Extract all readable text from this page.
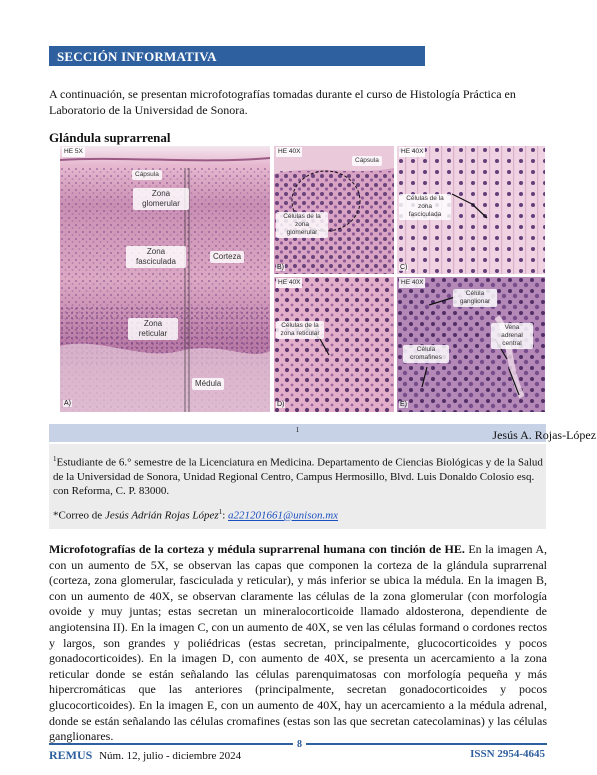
SECCIÓN INFORMATIVA
A continuación, se presentan microfotografías tomadas durante el curso de Histología Práctica en Laboratorio de la Universidad de Sonora.
Glándula suprarrenal
HE 5X
Cápsula
Zona glomerular
Zona fasciculada
Corteza
Zona reticular
Médula
A)
HE 40X
Cápsula
Células de la zona glomerular
B)
HE 40X
Células de la zona fasciculada
C)
HE 40X
Células de la zona reticular
D)
HE 40X
Célula ganglionar
Vena adrenal central
Célula cromafines
E)
Jesús A. Rojas-López
$^1$
$^1$Estudiante de 6.° semestre de la Licenciatura en Medicina. Departamento de Ciencias Biológicas y de la Salud de la Universidad de Sonora, Unidad Regional Centro, Campus Hermosillo, Blvd. Luis Donaldo Colosio esq. con Reforma, C. P. 83000.
*Correo de Jesús Adrián Rojas López$^1$: a221201661@unison.mx
Microfotografías de la corteza y médula suprarrenal humana con tinción de HE. En la imagen A, con un aumento de 5X, se observan las capas que componen la corteza de la glándula suprarrenal (corteza, zona glomerular, fasciculada y reticular), y más inferior se ubica la médula. En la imagen B, con un aumento de 40X, se observan claramente las células de la zona glomerular (con morfología ovoide y muy juntas; estas secretan un mineralocorticoide llamado aldosterona, dependiente de angiotensina II). En la imagen C, con un aumento de 40X, se ven las células formand o cordones rectos y largos, son grandes y poliédricas (estas secretan, principalmente, glucocorticoides y pocos gonadocorticoides). En la imagen D, con aumento de 40X, se presenta un acercamiento a la zona reticular donde se están señalando las células parenquimatosas con morfología pequeña y más hipercromáticas que las anteriores (principalmente, secretan gonadocorticoides y pocos glucocorticoides). En la imagen E, con un aumento de 40X, hay un acercamiento a la médula adrenal, donde se están señalando las células cromafines (estas son las que secretan catecolaminas) y las células ganglionares.
8
REMUS Núm. 12, julio - diciembre 2024	ISSN 2954-4645
